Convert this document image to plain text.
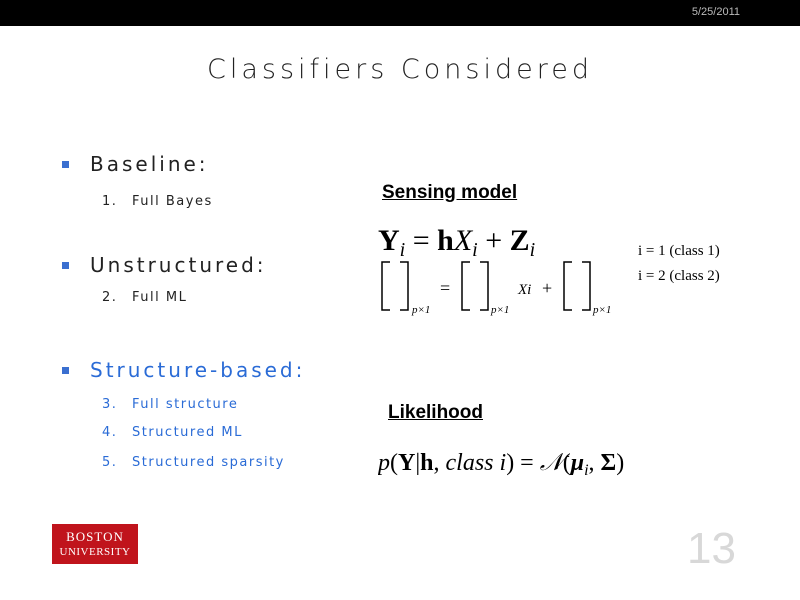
5/25/2011
Classifiers Considered
Baseline:
1. Full Bayes
Unstructured:
2. Full ML
Structure-based:
3. Full structure
4. Structured ML
5. Structured sparsity
Sensing model
$Y_i = hX_i + Z_i$
p×1
=
p×1
Xi +
p×1
i = 1 (class 1)
i = 2 (class 2)
Likelihood
p(Y|h, class $i) = 𝒩(\mu_i$, Σ)
BOSTON
UNIVERSITY	13
